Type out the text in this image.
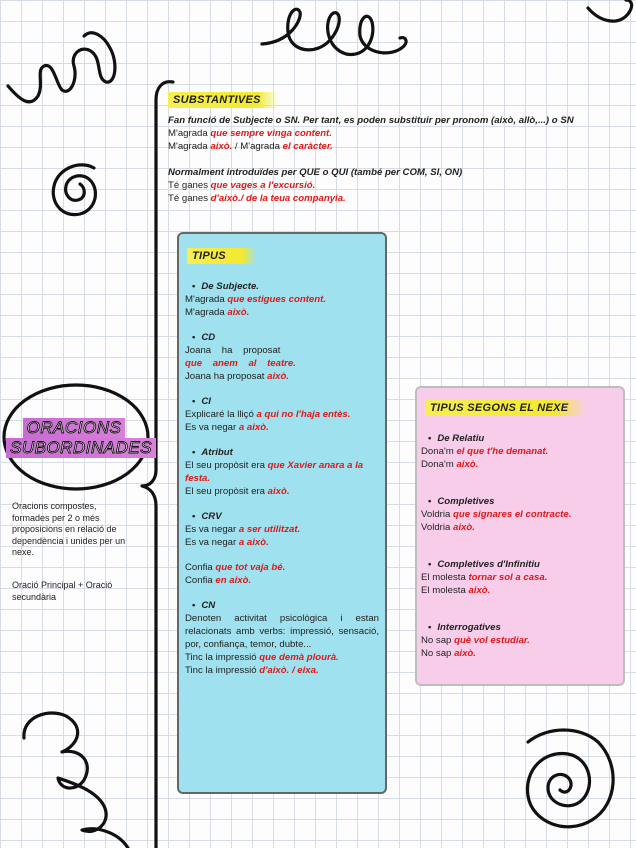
ORACIONS
SUBORDINADES
Oracions compostes, formades per 2 o més proposicions en relació de dependència i unides per un nexe.
Oració Principal + Oració secundària
SUBSTANTIVES
Fan funció de Subjecte o SN. Per tant, es poden substituir per pronom (això, allò,...) o SN
M'agrada que sempre vinga content.
M'agrada això. / M'agrada el caràcter.
Normalment introduïdes per QUE o QUI (també per COM, SI, ON)
Té ganes que vages a l'excursió.
Té ganes d'això./ de la teua companyia.
TIPUS
• De Subjecte.
M'agrada que estigues content.
M'agrada això.
• CD
Joana ha proposat
que anem al teatre.
Joana ha proposat això.
• CI
Explicaré la lliçó a qui no l'haja entès.
Es va negar a això.
• Atribut
El seu propòsit era que Xavier anara a la festa.
El seu propòsit era això.
• CRV
Es va negar a ser utilitzat.
Es va negar a això.
Confia que tot vaja bé.
Confia en això.
• CN
Denoten activitat psicològica i estan relacionats amb verbs: impressió, sensació, por, confiança, temor, dubte...
Tinc la impressió que demà plourà.
Tinc la impressió d'això. / eixa.
TIPUS SEGONS EL NEXE
• De Relatiu
Dona'm el que t'he demanat.
Dona'm això.
• Completives
Voldria que signares el contracte.
Voldria això.
• Completives d'Infinitiu
El molesta tornar sol a casa.
El molesta això.
• Interrogatives
No sap què vol estudiar.
No sap això.
